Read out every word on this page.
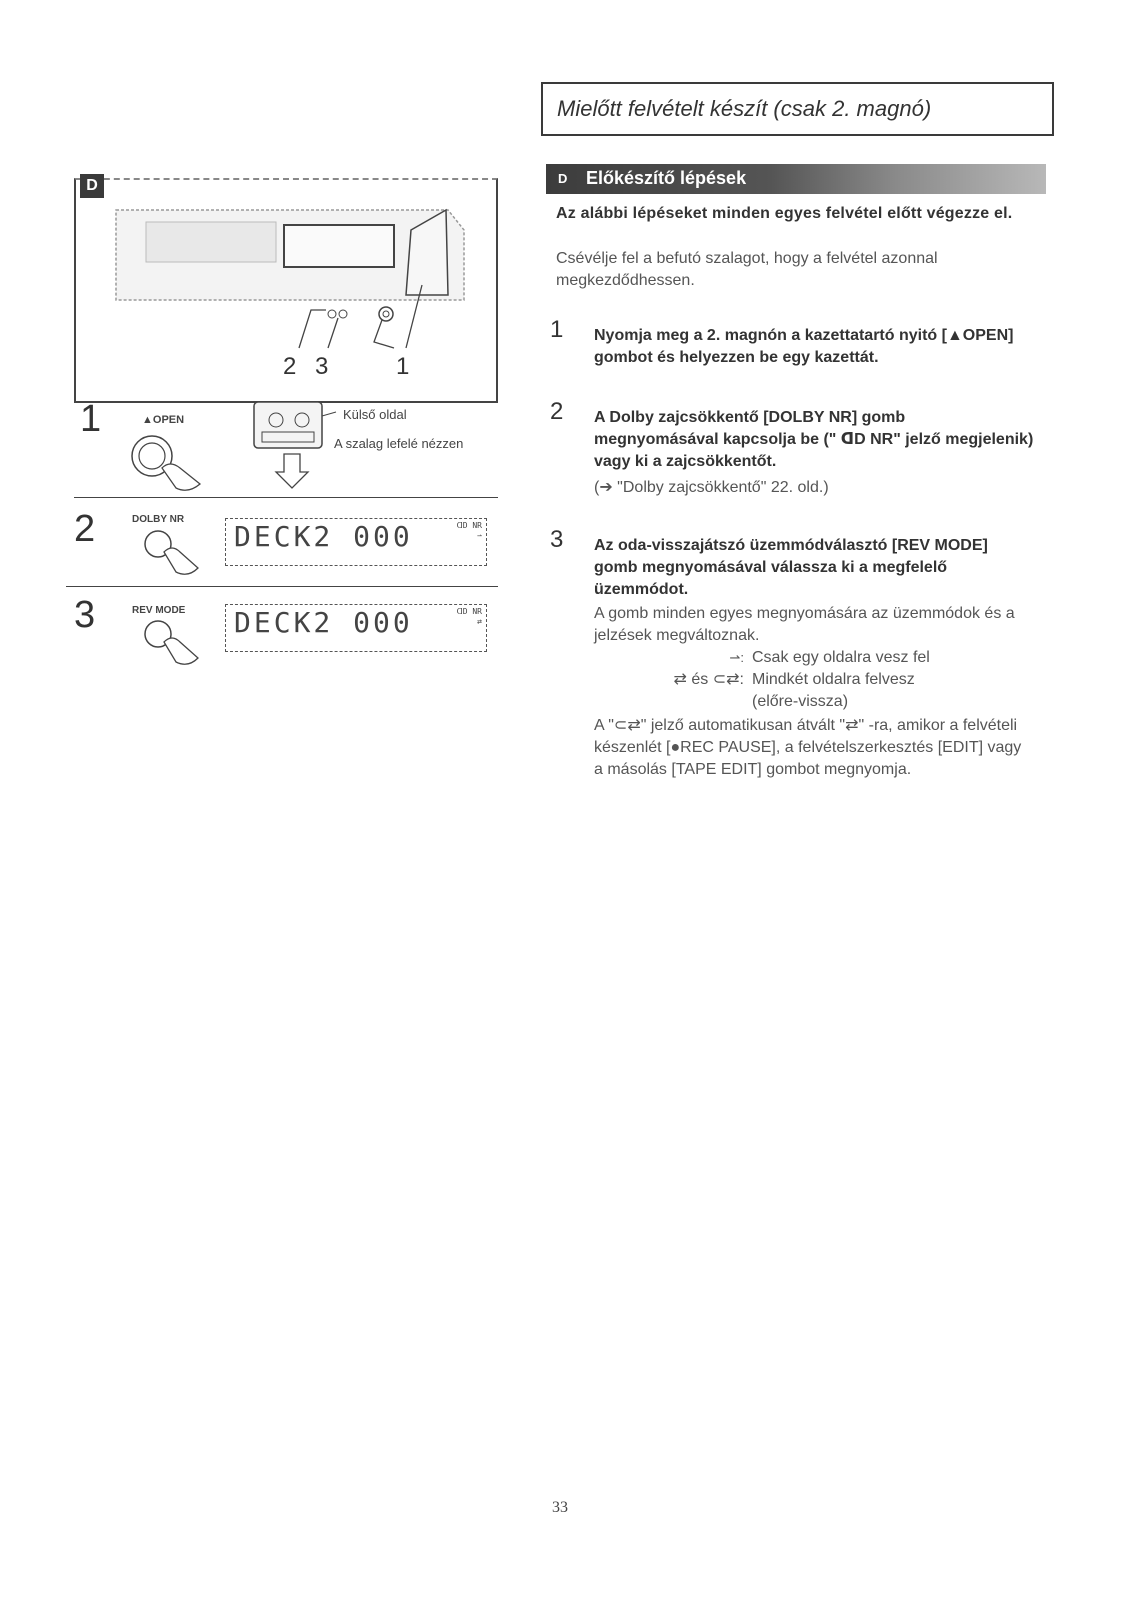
Mielőtt felvételt készít (csak 2. magnó)
D Előkészítő lépések
Az alábbi lépéseket minden egyes felvétel előtt végezze el.
Csévélje fel a befutó szalagot, hogy a felvétel azonnal megkezdődhessen.
1 Nyomja meg a 2. magnón a kazettatartó nyitó [▲OPEN] gombot és helyezzen be egy kazettát.
2 A Dolby zajcsökkentő [DOLBY NR] gomb megnyomásával kapcsolja be (" ᗡD NR" jelző megjelenik) vagy ki a zajcsökkentőt.
(➔ "Dolby zajcsökkentő" 22. old.)
3 Az oda-visszajátszó üzemmódválasztó [REV MODE] gomb megnyomásával válassza ki a megfelelő üzemmódot.
A gomb minden egyes megnyomására az üzemmódok és a jelzések megváltoznak.
⇀: Csak egy oldalra vesz fel
⇄ és ⊂⇄: Mindkét oldalra felvesz
(előre-vissza)
A "⊂⇄" jelző automatikusan átvált "⇄" -ra, amikor a felvételi készenlét [●REC PAUSE], a felvételszerkesztés [EDIT] vagy a másolás [TAPE EDIT] gombot megnyomja.
D
2 3	1
1	▲OPEN	Külső oldal
A szalag lefelé nézzen
2	DOLBY NR
DECK2 000	ᗡD NR
⇀
3	REV MODE	DECK2 000	ᗡD NR
⇄
33
